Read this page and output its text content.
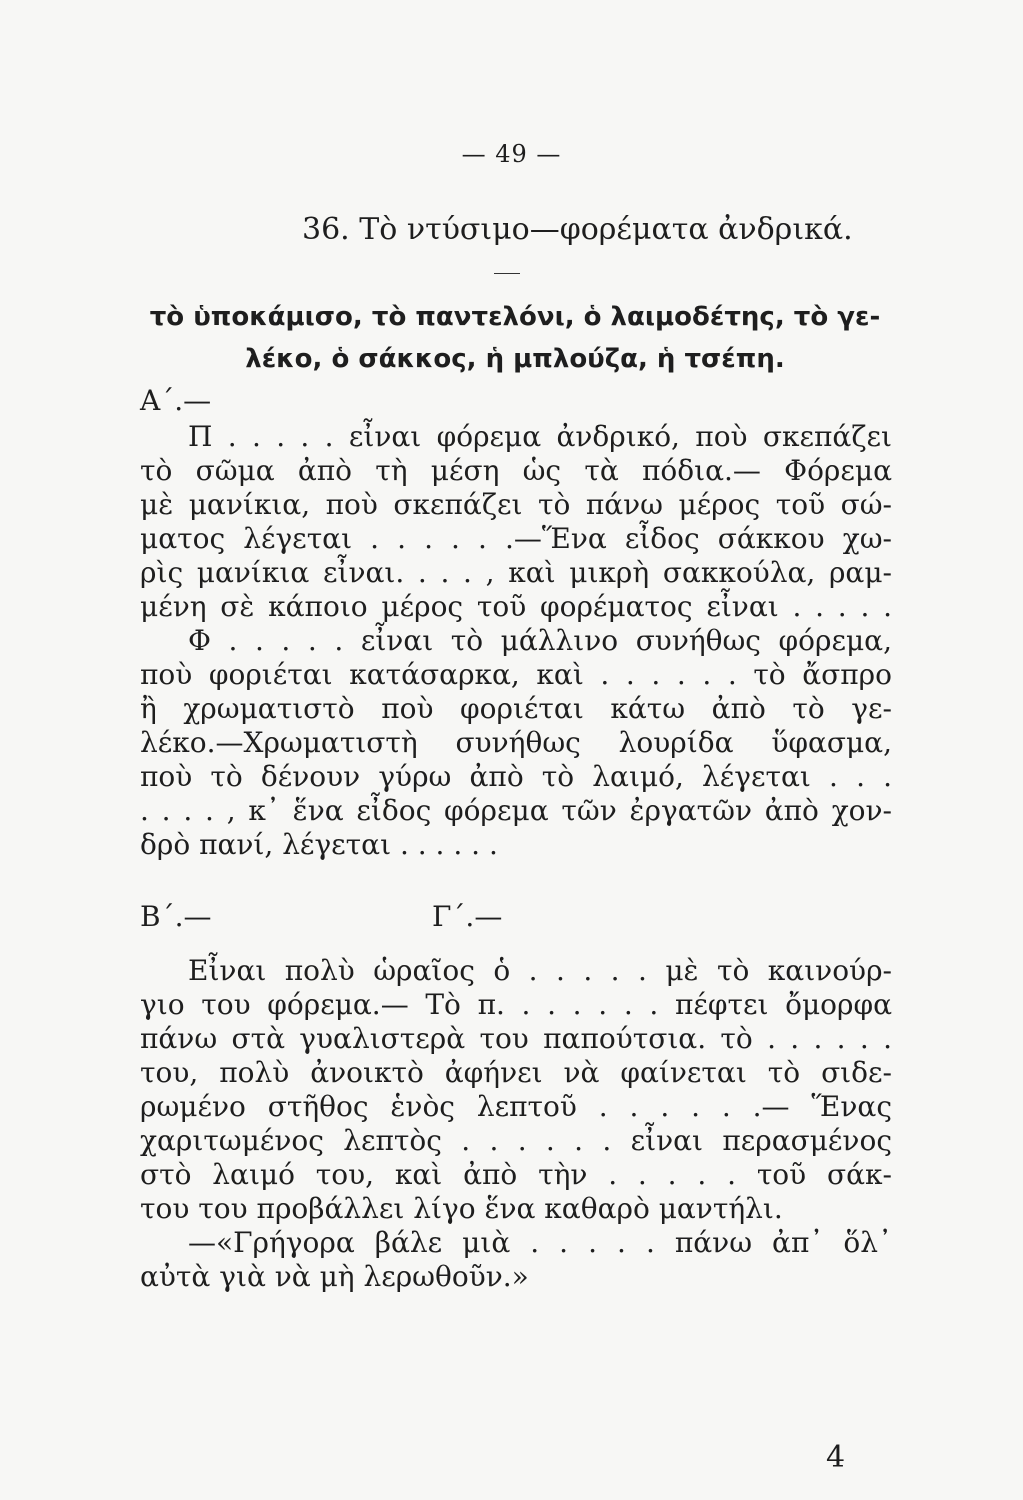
— 49 —
36. Τὸ ντύσιμο—φορέματα ἀνδρικά.
τὸ ὑποκάμισο, τὸ παντελόνι, ὁ λαιμοδέτης, τὸ γε-
λέκο, ὁ σάκκος, ἡ μπλούζα, ἡ τσέπη.
Α΄.—
Π . . . . . εἶναι φόρεμα ἀνδρικό, ποὺ σκεπάζει
τὸ σῶμα ἀπὸ τὴ μέση ὡς τὰ πόδια.— Φόρεμα
μὲ μανίκια, ποὺ σκεπάζει τὸ πάνω μέρος τοῦ σώ-
ματος λέγεται . . . . . .—Ἕνα εἶδος σάκκου χω-
ρὶς μανίκια εἶναι. . . . , καὶ μικρὴ σακκούλα, ραμ-
μένη σὲ κάποιο μέρος τοῦ φορέματος εἶναι . . . . .
Φ . . . . . εἶναι τὸ μάλλινο συνήθως φόρεμα,
ποὺ φοριέται κατάσαρκα, καὶ . . . . . . τὸ ἄσπρο
ἢ χρωματιστὸ ποὺ φοριέται κάτω ἀπὸ τὸ γε-
λέκο.—Χρωματιστὴ συνήθως λουρίδα ὕφασμα,
ποὺ τὸ δένουν γύρω ἀπὸ τὸ λαιμό, λέγεται . . .
. . . . , κ᾽ ἕνα εἶδος φόρεμα τῶν ἐργατῶν ἀπὸ χον-
δρὸ πανί, λέγεται . . . . . .
Β΄.—	Γ΄.—
Εἶναι πολὺ ὡραῖος ὁ . . . . . μὲ τὸ καινούρ-
γιο του φόρεμα.— Τὸ π. . . . . . . πέφτει ὄμορφα
πάνω στὰ γυαλιστερὰ του παπούτσια. τὸ . . . . . .
του, πολὺ ἀνοικτὸ ἀφήνει νὰ φαίνεται τὸ σιδε-
ρωμένο στῆθος ἑνὸς λεπτοῦ . . . . . .— Ἕνας
χαριτωμένος λεπτὸς . . . . . . εἶναι περασμένος
στὸ λαιμό του, καὶ ἀπὸ τὴν . . . . . τοῦ σάκ-
του του προβάλλει λίγο ἕνα καθαρὸ μαντήλι.
—«Γρήγορα βάλε μιὰ . . . . . πάνω ἀπ᾽ ὅλ᾽
αὐτὰ γιὰ νὰ μὴ λερωθοῦν.»
4
